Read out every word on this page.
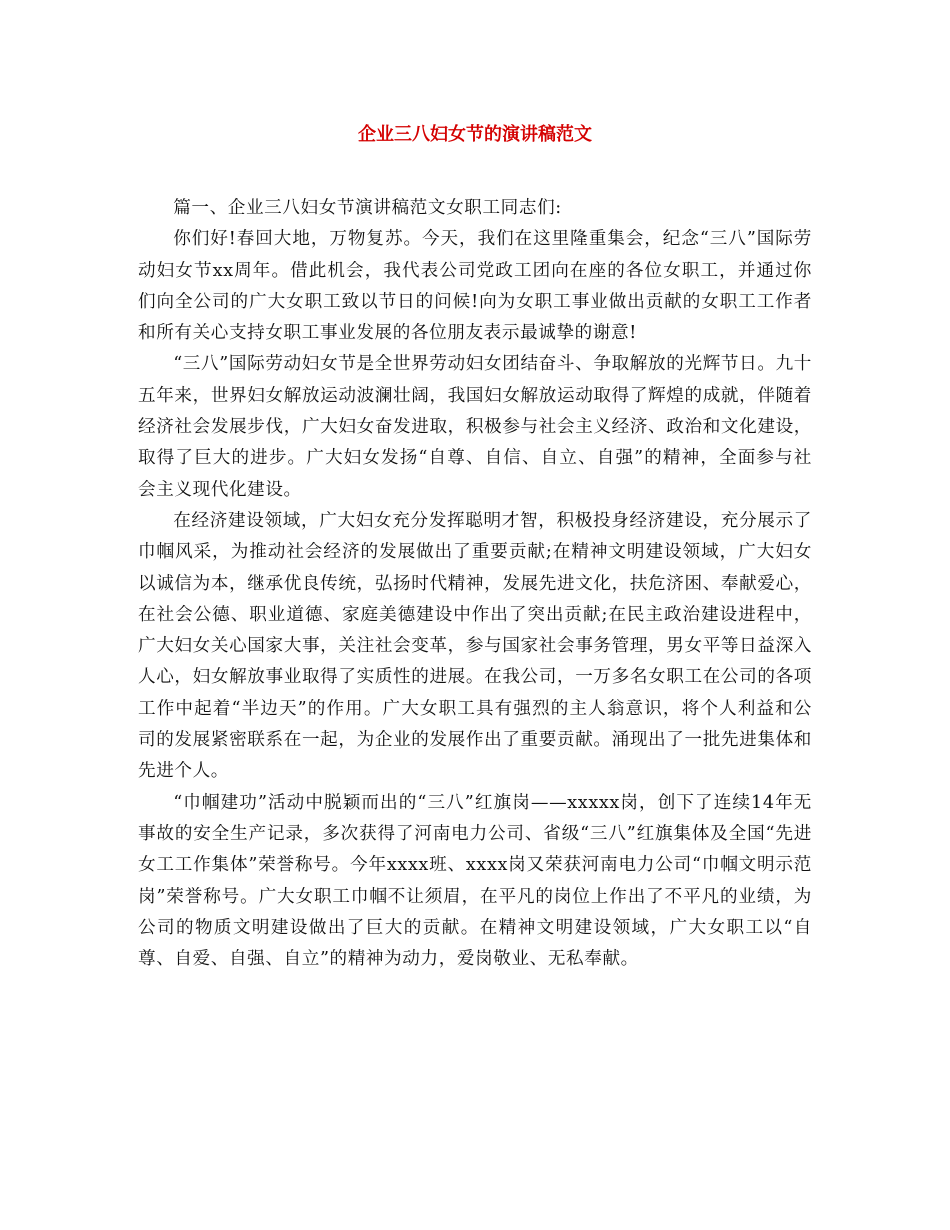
企业三八妇女节的演讲稿范文

篇一、企业三八妇女节演讲稿范文女职工同志们:

你们好!春回大地，万物复苏。今天，我们在这里隆重集会，纪念“三八”国际劳动妇女节xx周年。借此机会，我代表公司党政工团向在座的各位女职工，并通过你们向全公司的广大女职工致以节日的问候!向为女职工事业做出贡献的女职工工作者和所有关心支持女职工事业发展的各位朋友表示最诚挚的谢意!

“三八”国际劳动妇女节是全世界劳动妇女团结奋斗、争取解放的光辉节日。九十五年来，世界妇女解放运动波澜壮阔，我国妇女解放运动取得了辉煌的成就，伴随着经济社会发展步伐，广大妇女奋发进取，积极参与社会主义经济、政治和文化建设，取得了巨大的进步。广大妇女发扬“自尊、自信、自立、自强”的精神，全面参与社会主义现代化建设。

在经济建设领域，广大妇女充分发挥聪明才智，积极投身经济建设，充分展示了巾帼风采，为推动社会经济的发展做出了重要贡献;在精神文明建设领域，广大妇女以诚信为本，继承优良传统，弘扬时代精神，发展先进文化，扶危济困、奉献爱心，在社会公德、职业道德、家庭美德建设中作出了突出贡献;在民主政治建设进程中，广大妇女关心国家大事，关注社会变革，参与国家社会事务管理，男女平等日益深入人心，妇女解放事业取得了实质性的进展。在我公司，一万多名女职工在公司的各项工作中起着“半边天”的作用。广大女职工具有强烈的主人翁意识，将个人利益和公司的发展紧密联系在一起，为企业的发展作出了重要贡献。涌现出了一批先进集体和先进个人。

“巾帼建功”活动中脱颖而出的“三八”红旗岗——xxxxx岗，创下了连续14年无事故的安全生产记录，多次获得了河南电力公司、省级“三八”红旗集体及全国“先进女工工作集体”荣誉称号。今年xxxx班、xxxx岗又荣获河南电力公司“巾帼文明示范岗”荣誉称号。广大女职工巾帼不让须眉，在平凡的岗位上作出了不平凡的业绩，为公司的物质文明建设做出了巨大的贡献。在精神文明建设领域，广大女职工以“自尊、自爱、自强、自立”的精神为动力，爱岗敬业、无私奉献。
